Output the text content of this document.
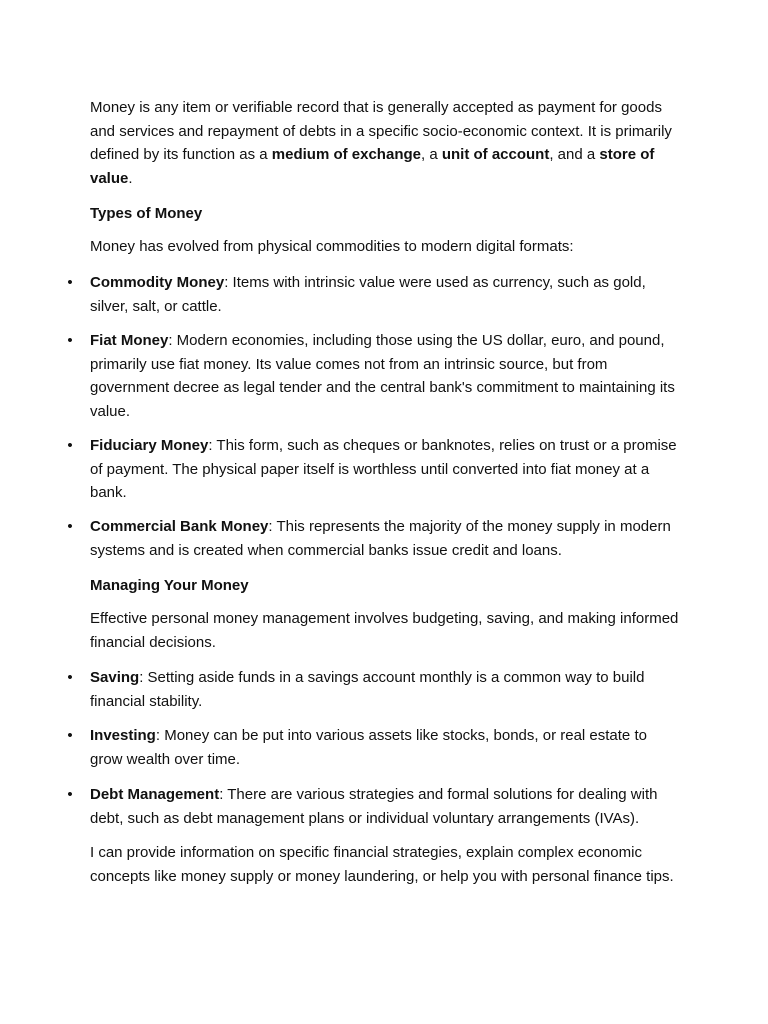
Money is any item or verifiable record that is generally accepted as payment for goods and services and repayment of debts in a specific socio-economic context. It is primarily defined by its function as a medium of exchange, a unit of account, and a store of value.

Types of Money

Money has evolved from physical commodities to modern digital formats:

• Commodity Money: Items with intrinsic value were used as currency, such as gold, silver, salt, or cattle.
• Fiat Money: Modern economies, including those using the US dollar, euro, and pound, primarily use fiat money. Its value comes not from an intrinsic source, but from government decree as legal tender and the central bank's commitment to maintaining its value.
• Fiduciary Money: This form, such as cheques or banknotes, relies on trust or a promise of payment. The physical paper itself is worthless until converted into fiat money at a bank.
• Commercial Bank Money: This represents the majority of the money supply in modern systems and is created when commercial banks issue credit and loans.

Managing Your Money

Effective personal money management involves budgeting, saving, and making informed financial decisions.

• Saving: Setting aside funds in a savings account monthly is a common way to build financial stability.
• Investing: Money can be put into various assets like stocks, bonds, or real estate to grow wealth over time.
• Debt Management: There are various strategies and formal solutions for dealing with debt, such as debt management plans or individual voluntary arrangements (IVAs).

I can provide information on specific financial strategies, explain complex economic concepts like money supply or money laundering, or help you with personal finance tips.
